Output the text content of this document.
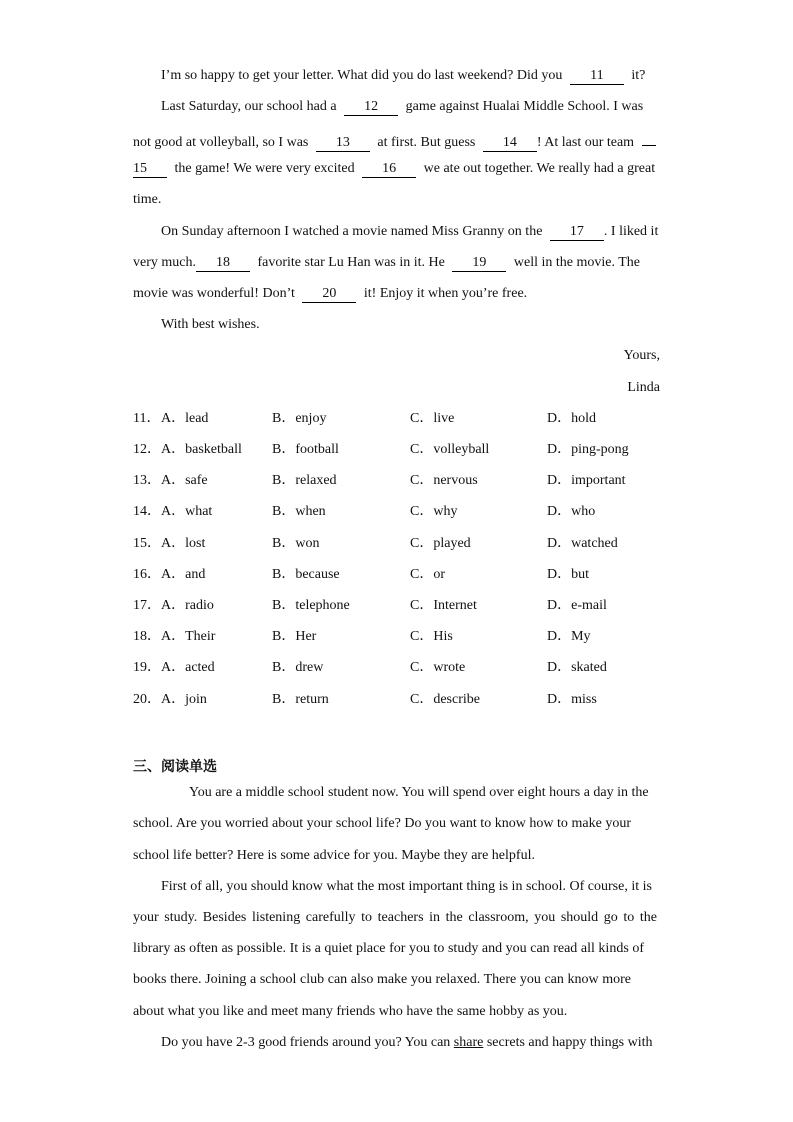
I’m so happy to get your letter. What did you do last weekend? Did you 11 it?
Last Saturday, our school had a 12 game against Hualai Middle School. I was
not good at volleyball, so I was 13 at first. But guess 14 ! At last our team
15 the game! We were very excited 16 we ate out together. We really had a great
time.
On Sunday afternoon I watched a movie named Miss Granny on the 17 . I liked it
very much. 18 favorite star Lu Han was in it. He 19 well in the movie. The
movie was wonderful! Don’t 20 it! Enjoy it when you’re free.
With best wishes.
Yours,
Linda
11． A．lead	B．enjoy	C．live	D．hold
12． A．basketball B．football	C．volleyball	D．ping-pong
13． A．safe	B．relaxed	C．nervous	D．important
14． A．what	B．when	C．why	D．who
15． A．lost	B．won	C．played	D．watched
16． A．and	B．because	C．or	D．but
17． A．radio	B．telephone	C．Internet	D．e-mail
18． A．Their	B．Her	C．His	D．My
19． A．acted	B．drew	C．wrote	D．skated
20． A．join	B．return	C．describe	D．miss
三、阅读单选
You are a middle school student now. You will spend over eight hours a day in the
school. Are you worried about your school life? Do you want to know how to make your
school life better? Here is some advice for you. Maybe they are helpful.
First of all, you should know what the most important thing is in school. Of course, it is
your study. Besides listening carefully to teachers in the classroom, you should go to the
library as often as possible. It is a quiet place for you to study and you can read all kinds of
books there. Joining a school club can also make you relaxed. There you can know more
about what you like and meet many friends who have the same hobby as you.
Do you have 2-3 good friends around you? You can share secrets and happy things with
